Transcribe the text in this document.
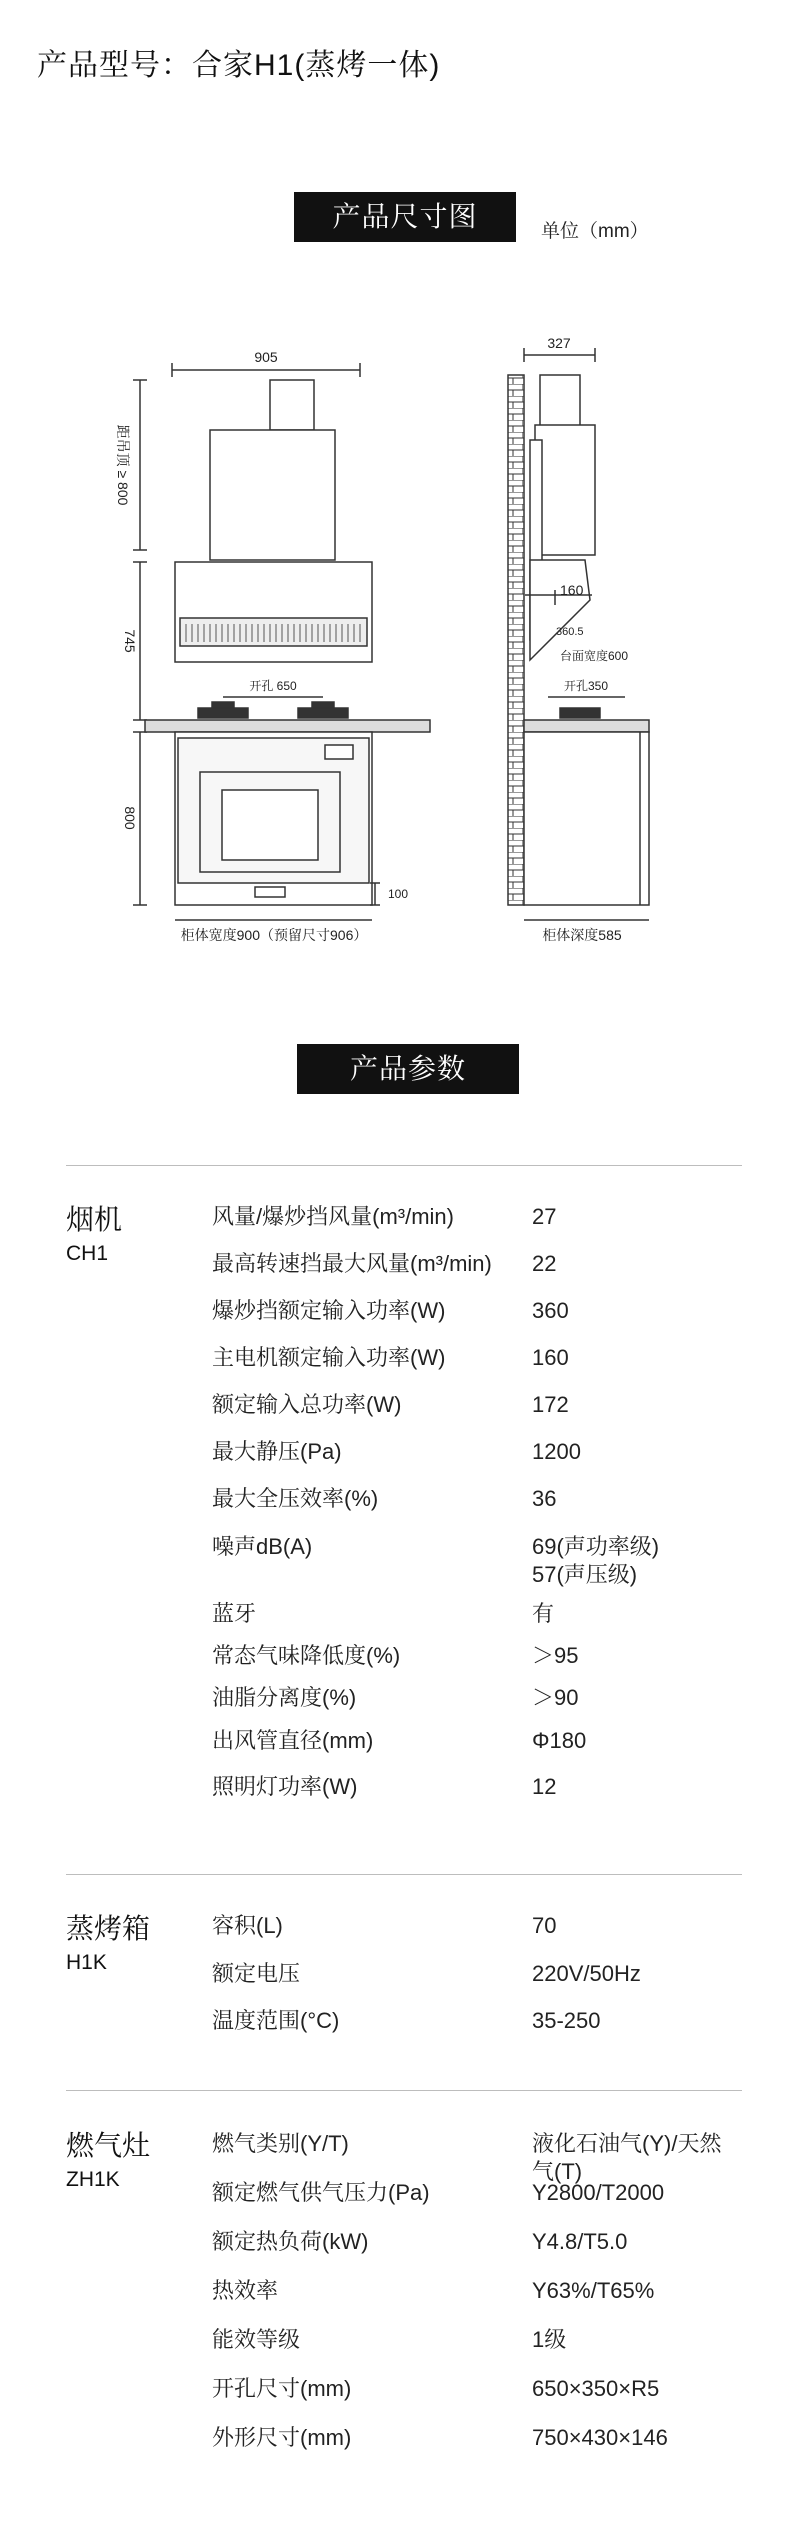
产品型号：合家H1(蒸烤一体)
产品尺寸图	单位（mm）
905
距吊顶 ≥ 800
745
开孔 650
800
100
柜体宽度900（预留尺寸906）
327
160
360.5
台面宽度600
开孔350
柜体深度585
产品参数
烟机
CH1
风量/爆炒挡风量(m³/min)	27
最高转速挡最大风量(m³/min) 22
爆炒挡额定输入功率(W)	360
主电机额定输入功率(W)	160
额定输入总功率(W)	172
最大静压(Pa)	1200
最大全压效率(%)	36
噪声dB(A)	69(声功率级)
57(声压级)
蓝牙	有
常态气味降低度(%)	＞95
油脂分离度(%)	＞90
出风管直径(mm)	Φ180
照明灯功率(W)	12
蒸烤箱
H1K
容积(L)	70
额定电压	220V/50Hz
温度范围(°C)	35-250
燃气灶
ZH1K
燃气类别(Y/T)	液化石油气(Y)/天然气(T)
额定燃气供气压力(Pa)	Y2800/T2000
额定热负荷(kW)	Y4.8/T5.0
热效率	Y63%/T65%
能效等级	1级
开孔尺寸(mm)	650×350×R5
外形尺寸(mm)	750×430×146
